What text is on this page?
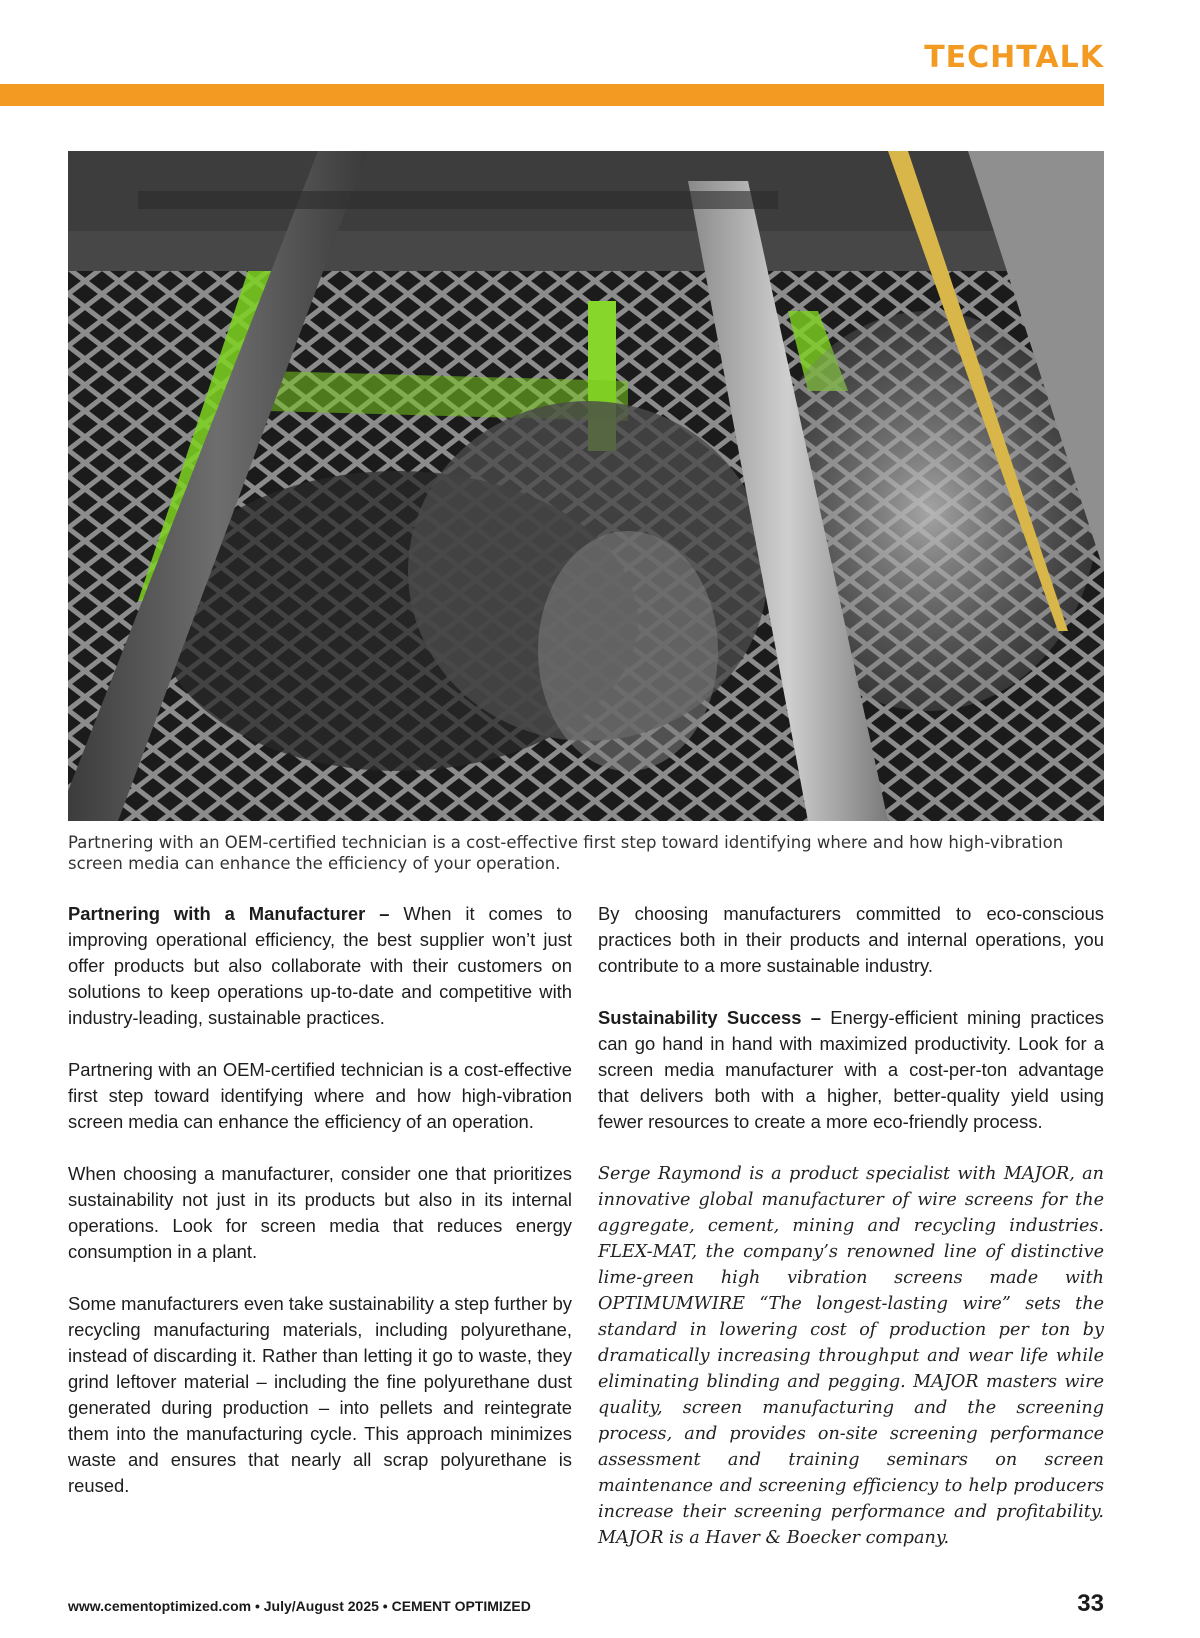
TECHTALK
Partnering with an OEM-certified technician is a cost-effective first step toward identifying where and how high-vibration screen media can enhance the efficiency of your operation.

Partnering with a Manufacturer – When it comes to improving operational efficiency, the best supplier won’t just offer products but also collaborate with their customers on solutions to keep operations up-to-date and competitive with industry-leading, sustainable practices.

Partnering with an OEM-certified technician is a cost-effective first step toward identifying where and how high-vibration screen media can enhance the efficiency of an operation.

When choosing a manufacturer, consider one that prioritizes sustainability not just in its products but also in its internal operations. Look for screen media that reduces energy consumption in a plant.

Some manufacturers even take sustainability a step further by recycling manufacturing materials, including polyurethane, instead of discarding it. Rather than letting it go to waste, they grind leftover material – including the fine polyurethane dust generated during production – into pellets and reintegrate them into the manufacturing cycle. This approach minimizes waste and ensures that nearly all scrap polyurethane is reused.

By choosing manufacturers committed to eco-conscious practices both in their products and internal operations, you contribute to a more sustainable industry.

Sustainability Success – Energy-efficient mining practices can go hand in hand with maximized productivity. Look for a screen media manufacturer with a cost-per-ton advantage that delivers both with a higher, better-quality yield using fewer resources to create a more eco-friendly process.

Serge Raymond is a product specialist with MAJOR, an innovative global manufacturer of wire screens for the aggregate, cement, mining and recycling industries. FLEX-MAT, the company’s renowned line of distinctive lime-green high vibration screens made with OPTIMUMWIRE “The longest-lasting wire” sets the standard in lowering cost of production per ton by dramatically increasing throughput and wear life while eliminating blinding and pegging. MAJOR masters wire quality, screen manufacturing and the screening process, and provides on-site screening performance assessment and training seminars on screen maintenance and screening efficiency to help producers increase their screening performance and profitability. MAJOR is a Haver & Boecker company.

www.cementoptimized.com • July/August 2025 • CEMENT OPTIMIZED	33
